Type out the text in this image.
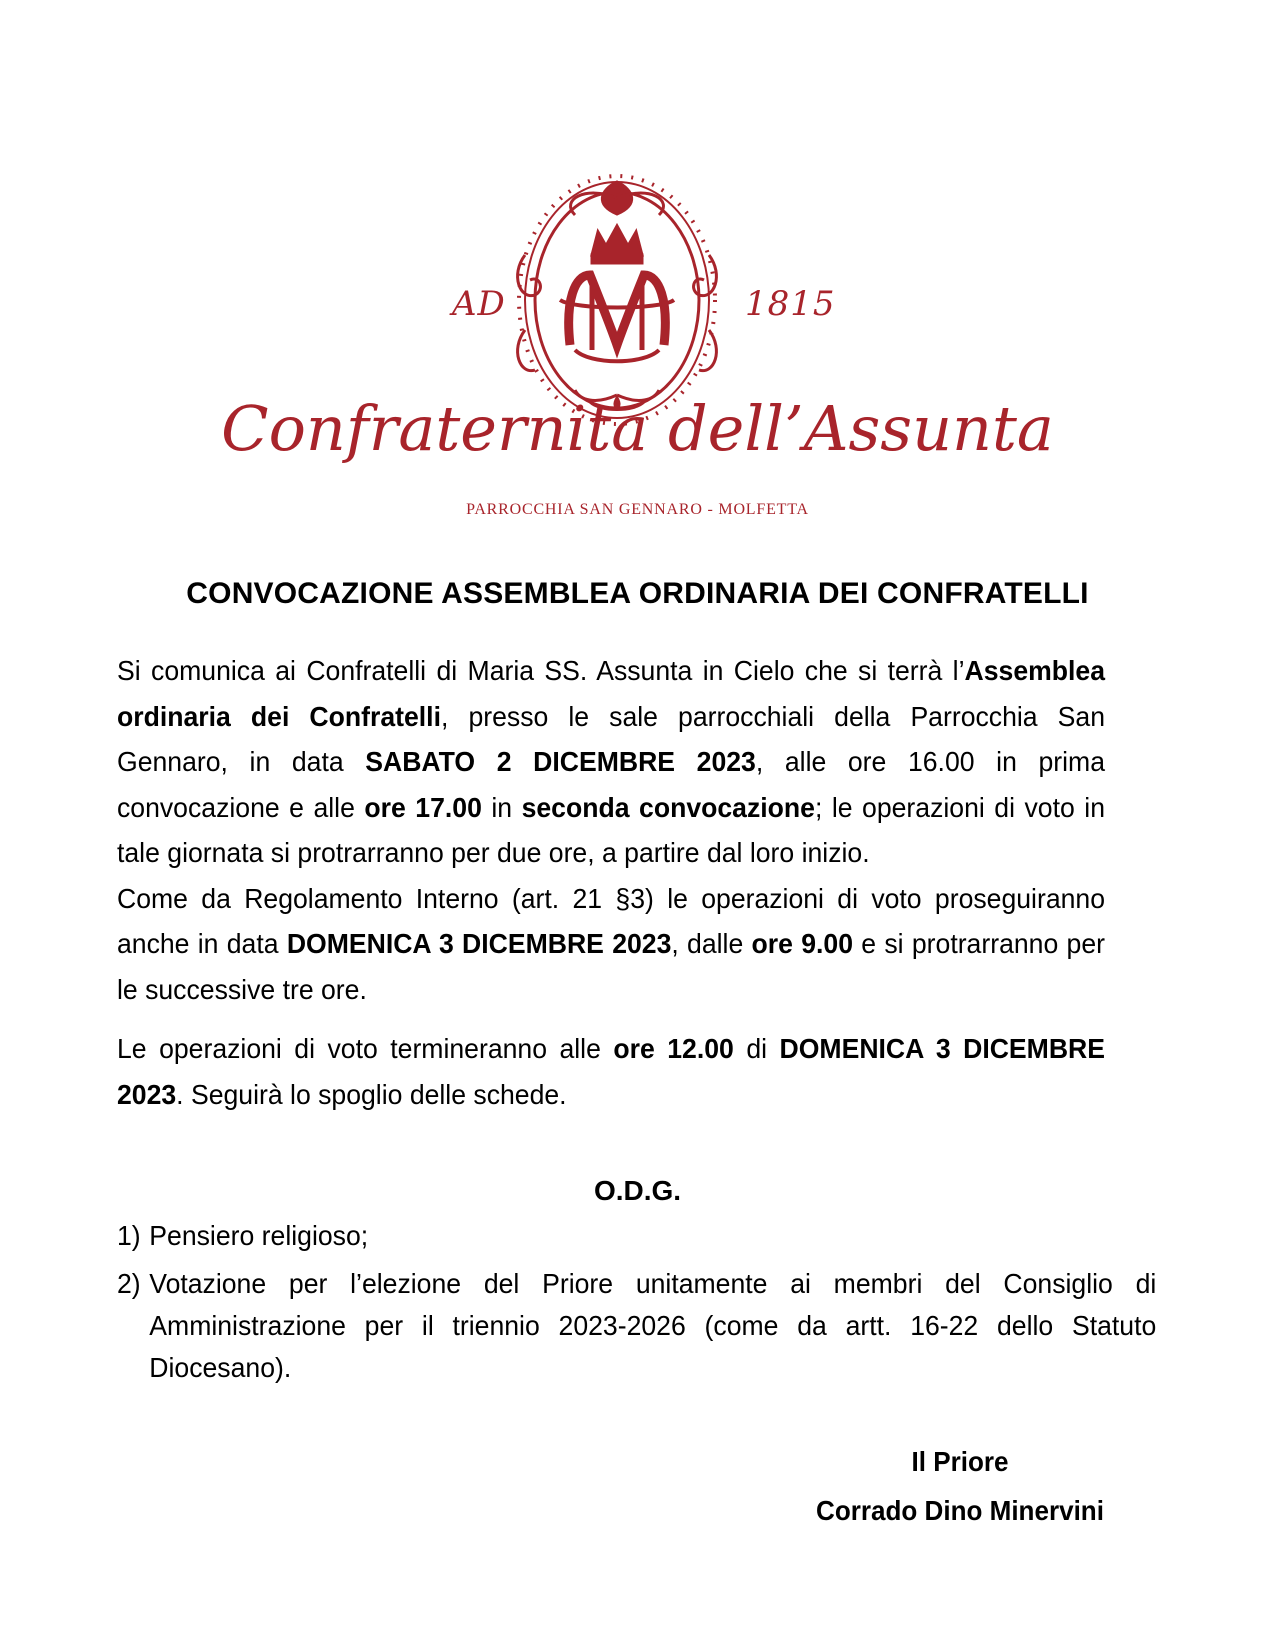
AD	1815
Confraternita dell’Assunta
PARROCCHIA SAN GENNARO - MOLFETTA
CONVOCAZIONE ASSEMBLEA ORDINARIA DEI CONFRATELLI

Si comunica ai Confratelli di Maria SS. Assunta in Cielo che si terrà l’Assemblea ordinaria dei Confratelli, presso le sale parrocchiali della Parrocchia San Gennaro, in data SABATO 2 DICEMBRE 2023, alle ore 16.00 in prima convocazione e alle ore 17.00 in seconda convocazione; le operazioni di voto in tale giornata si protrarranno per due ore, a partire dal loro inizio.

Come da Regolamento Interno (art. 21 §3) le operazioni di voto proseguiranno anche in data DOMENICA 3 DICEMBRE 2023, dalle ore 9.00 e si protrarranno per le successive tre ore.

Le operazioni di voto termineranno alle ore 12.00 di DOMENICA 3 DICEMBRE 2023. Seguirà lo spoglio delle schede.

O.D.G.
1) Pensiero religioso;
2) Votazione per l’elezione del Priore unitamente ai membri del Consiglio di Amministrazione per il triennio 2023-2026 (come da artt. 16-22 dello Statuto Diocesano).
Il Priore
Corrado Dino Minervini
